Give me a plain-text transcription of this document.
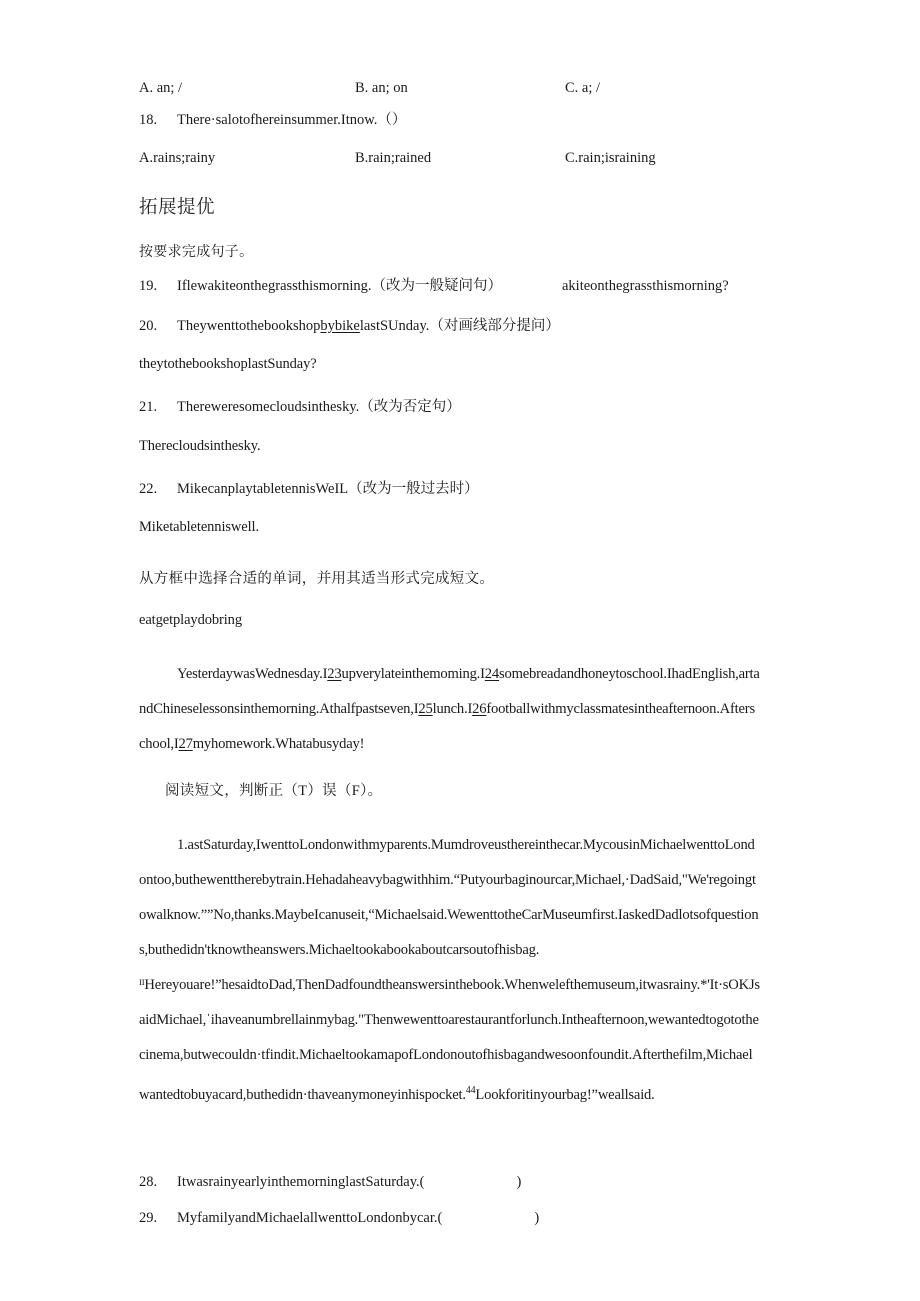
A. an; /	B. an; on	C. a; /
18. There·salotofhereinsummer.Itnow.（）
A.rains;rainy	B.rain;rained	C.rain;israining
拓展提优
按要求完成句子。
19. Iflewakiteonthegrassthismorning.（改为一般疑问句）	akiteonthegrassthismorning?
20. TheywenttothebookshopbybikelastSUnday.（对画线部分提问）
theytothebookshoplastSunday?
21. Thereweresomecloudsinthesky.（改为否定句）
Therecloudsinthesky.
22. MikecanplaytabletennisWeIL（改为一般过去时）
Miketabletenniswell.
从方框中选择合适的单词，并用其适当形式完成短文。
eatgetplaydobring
YesterdaywasWednesday.I23upverylateinthemoming.I24somebreadandhoneytoschool.IhadEnglish,artandChineselessonsinthemorning.Athalfpastseven,I25lunch.I26footballwithmyclassmatesintheafternoon.Afterschool,I27myhomework.Whatabusyday!
阅读短文，判断正（T）误（F）。
1.astSaturday,IwenttoLondonwithmyparents.Mumdroveusthereinthecar.MycousinMichaelwenttoLondontoo,buthewenttherebytrain.Hehadaheavybagwithhim.“Putyourbaginourcar,Michael,·DadSaid,"We'regoingtowalknow.””No,thanks.MaybeIcanuseit,“Michaelsaid.WewenttotheCarMuseumfirst.IaskedDadlotsofquestions,buthedidn'tknowtheanswers.Michaeltookabookaboutcarsoutofhisbag.
ᴵᴵHereyouare!”hesaidtoDad,ThenDadfoundtheanswersinthebook.Whenwelefthemuseum,itwasrainy.*'It·sOKJsaidMichael,ˈihaveanumbrellainmybag."Thenwewenttoarestaurantforlunch.Intheafternoon,wewantedtogotothecinema,butwecouldn·tfindit.MichaeltookamapofLondonoutofhisbagandwesoonfoundit.Afterthefilm,Michaelwantedtobuyacard,buthedidn·thaveanymoneyinhispocket.$^{44}$Lookforitinyourbag!”weallsaid.
28. ItwasrainyearlyinthemorninglastSaturday.(	)
29. MyfamilyandMichaelallwenttoLondonbycar.(	)
